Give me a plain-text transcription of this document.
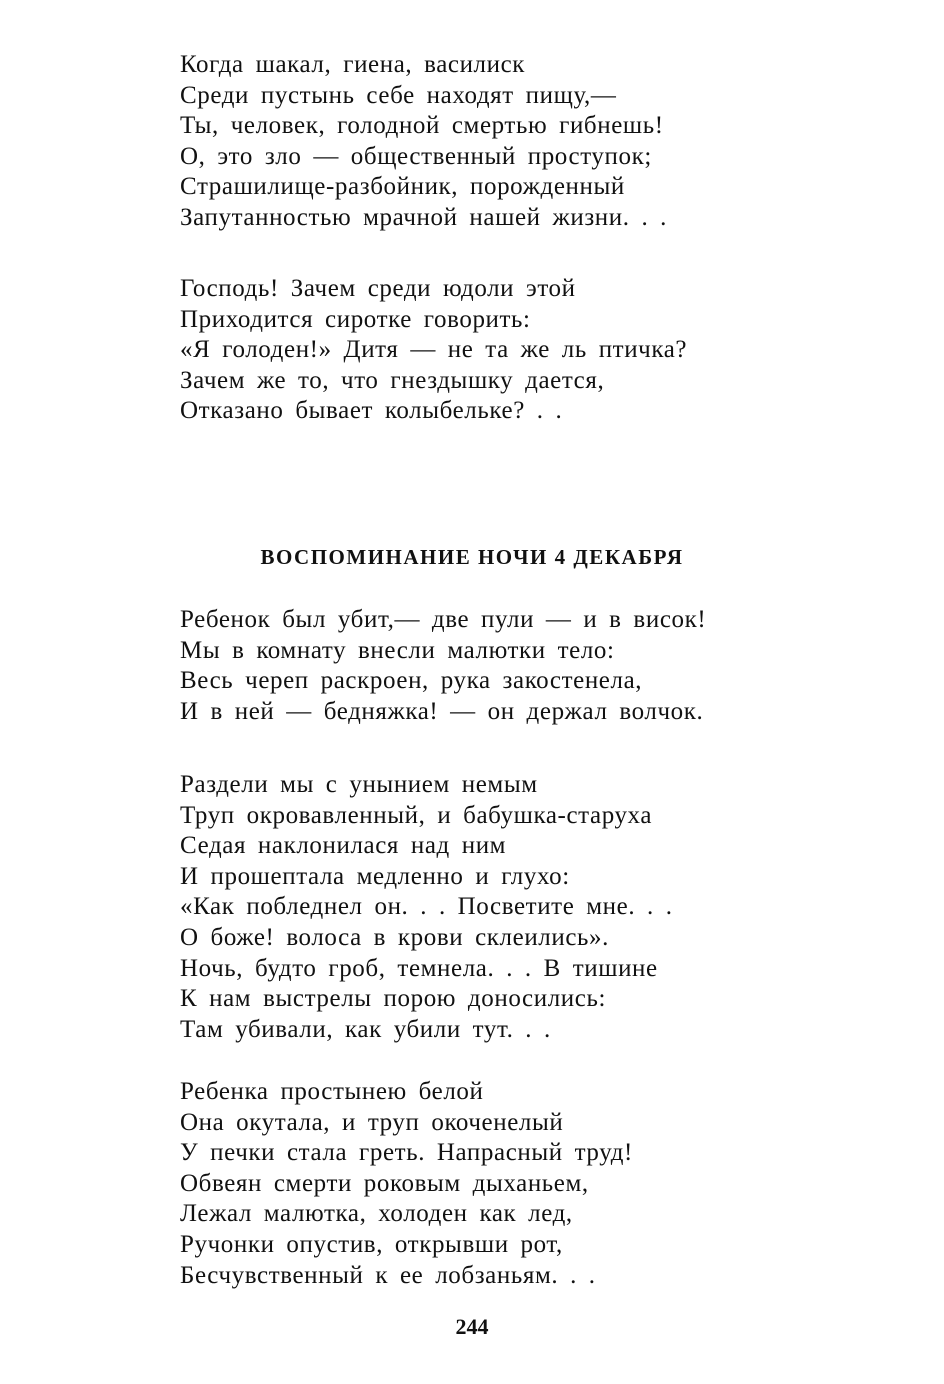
Когда шакал, гиена, василиск
Среди пустынь себе находят пищу,—
Ты, человек, голодной смертью гибнешь!
О, это зло — общественный проступок;
Страшилище-разбойник, порожденный
Запутанностью мрачной нашей жизни. . .
Господь! Зачем среди юдоли этой
Приходится сиротке говорить:
«Я голоден!» Дитя — не та же ль птичка?
Зачем же то, что гнездышку дается,
Отказано бывает колыбельке? . .
ВОСПОМИНАНИЕ НОЧИ 4 ДЕКАБРЯ
Ребенок был убит,— две пули — и в висок!
Мы в комнату внесли малютки тело:
Весь череп раскроен, рука закостенела,
И в ней — бедняжка! — он держал волчок.
Раздели мы с унынием немым
Труп окровавленный, и бабушка-старуха
Седая наклонилася над ним
И прошептала медленно и глухо:
«Как побледнел он. . . Посветите мне. . .
О боже! волоса в крови склеились».
Ночь, будто гроб, темнела. . . В тишине
К нам выстрелы порою доносились:
Там убивали, как убили тут. . .
Ребенка простынею белой
Она окутала, и труп окоченелый
У печки стала греть. Напрасный труд!
Обвеян смерти роковым дыханьем,
Лежал малютка, холоден как лед,
Ручонки опустив, открывши рот,
Бесчувственный к ее лобзаньям. . .
244
